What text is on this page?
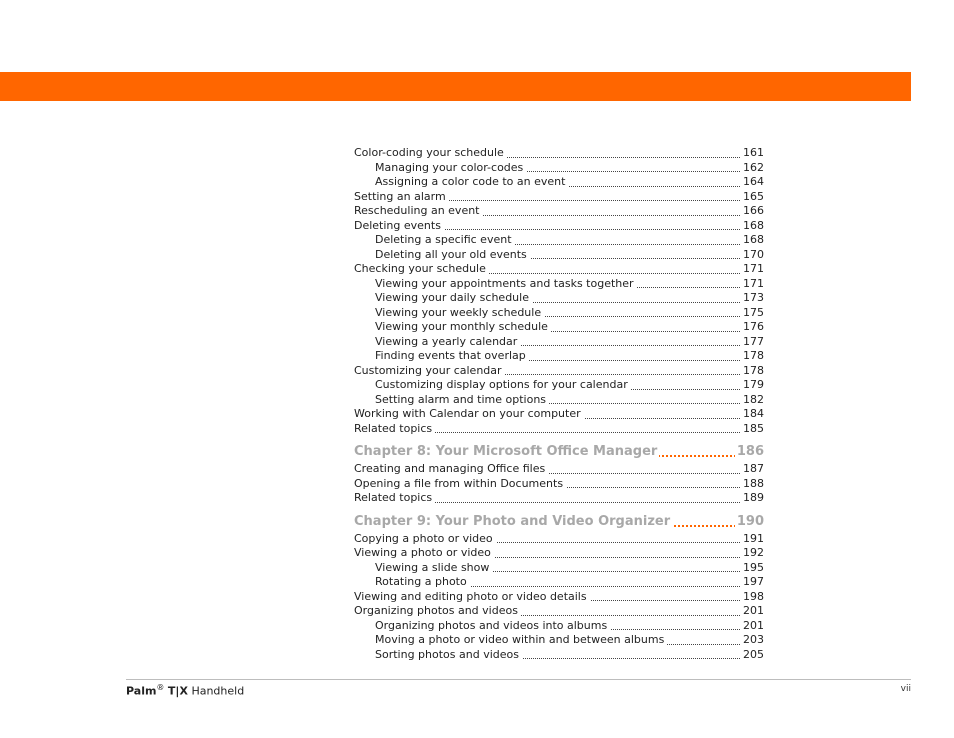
Color-coding your schedule	161
Managing your color-codes	162
Assigning a color code to an event	164
Setting an alarm	165
Rescheduling an event	166
Deleting events	168
Deleting a specific event	168
Deleting all your old events	170
Checking your schedule	171
Viewing your appointments and tasks together	171
Viewing your daily schedule	173
Viewing your weekly schedule	175
Viewing your monthly schedule	176
Viewing a yearly calendar	177
Finding events that overlap	178
Customizing your calendar	178
Customizing display options for your calendar	179
Setting alarm and time options	182
Working with Calendar on your computer	184
Related topics	185
Chapter 8: Your Microsoft Office Manager	186
Creating and managing Office files	187
Opening a file from within Documents	188
Related topics	189
Chapter 9: Your Photo and Video Organizer	190
Copying a photo or video	191
Viewing a photo or video	192
Viewing a slide show	195
Rotating a photo	197
Viewing and editing photo or video details	198
Organizing photos and videos	201
Organizing photos and videos into albums	201
Moving a photo or video within and between albums	203
Sorting photos and videos	205
Palm® T|X Handheld	vii
